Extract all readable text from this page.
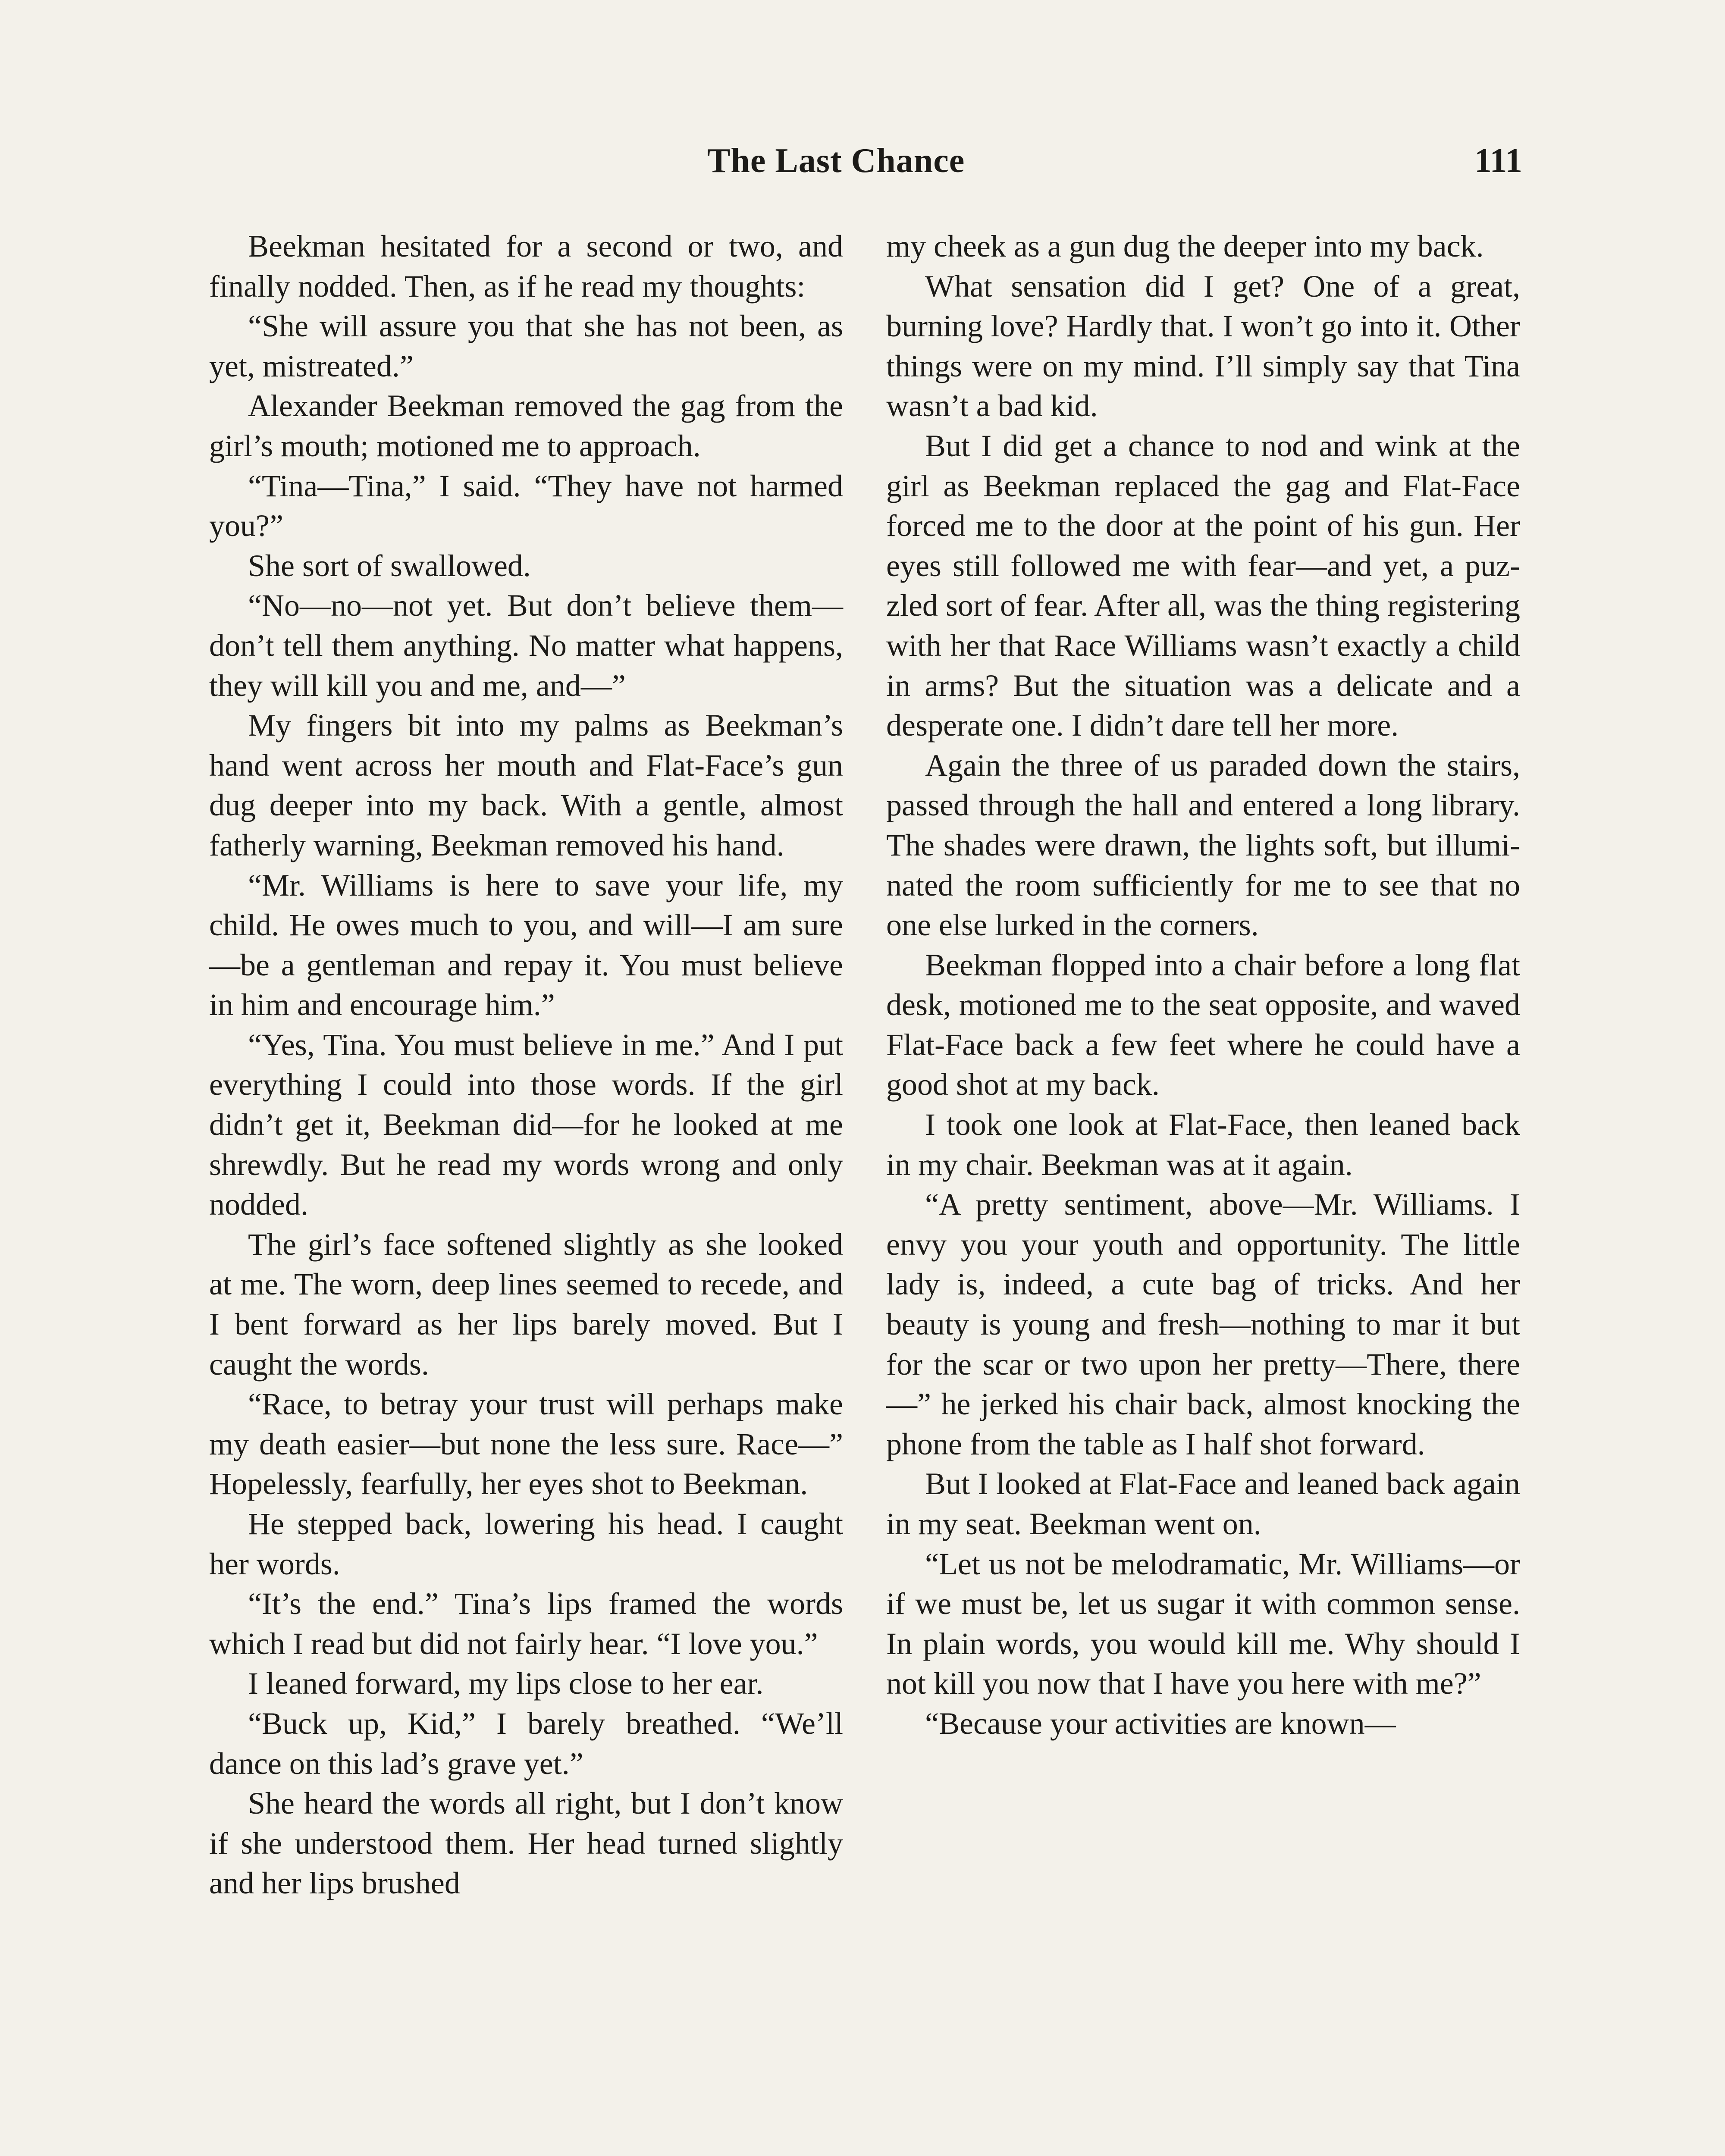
The Last Chance	111

Beekman hesitated for a second or two, and finally nodded. Then, as if he read my thoughts:

“She will assure you that she has not been, as yet, mistreated.”

Alexander Beekman removed the gag from the girl’s mouth; motioned me to approach.

“Tina—Tina,” I said. “They have not harmed you?”

She sort of swallowed.

“No—no—not yet. But don’t believe them—don’t tell them anything. No matter what happens, they will kill you and me, and—”

My fingers bit into my palms as Beekman’s hand went across her mouth and Flat-Face’s gun dug deeper into my back. With a gentle, almost fatherly warning, Beekman removed his hand.

“Mr. Williams is here to save your life, my child. He owes much to you, and will—I am sure—be a gentleman and repay it. You must believe in him and encourage him.”

“Yes, Tina. You must believe in me.” And I put everything I could into those words. If the girl didn’t get it, Beekman did—for he looked at me shrewdly. But he read my words wrong and only nodded.

The girl’s face softened slightly as she looked at me. The worn, deep lines seemed to recede, and I bent forward as her lips barely moved. But I caught the words.

“Race, to betray your trust will perhaps make my death easier—but none the less sure. Race—” Hopelessly, fearfully, her eyes shot to Beekman.

He stepped back, lowering his head. I caught her words.

“It’s the end.” Tina’s lips framed the words which I read but did not fairly hear. “I love you.”

I leaned forward, my lips close to her ear.

“Buck up, Kid,” I barely breathed. “We’ll dance on this lad’s grave yet.”

She heard the words all right, but I don’t know if she understood them. Her head turned slightly and her lips brushed

my cheek as a gun dug the deeper into my back.

What sensation did I get? One of a great, burning love? Hardly that. I won’t go into it. Other things were on my mind. I’ll simply say that Tina wasn’t a bad kid.

But I did get a chance to nod and wink at the girl as Beekman replaced the gag and Flat-Face forced me to the door at the point of his gun. Her eyes still followed me with fear—and yet, a puzzled sort of fear. After all, was the thing registering with her that Race Williams wasn’t exactly a child in arms? But the situation was a delicate and a desperate one. I didn’t dare tell her more.

Again the three of us paraded down the stairs, passed through the hall and entered a long library. The shades were drawn, the lights soft, but illuminated the room sufficiently for me to see that no one else lurked in the corners.

Beekman flopped into a chair before a long flat desk, motioned me to the seat opposite, and waved Flat-Face back a few feet where he could have a good shot at my back.

I took one look at Flat-Face, then leaned back in my chair. Beekman was at it again.

“A pretty sentiment, above—Mr. Williams. I envy you your youth and opportunity. The little lady is, indeed, a cute bag of tricks. And her beauty is young and fresh—nothing to mar it but for the scar or two upon her pretty—There, there—” he jerked his chair back, almost knocking the phone from the table as I half shot forward.

But I looked at Flat-Face and leaned back again in my seat. Beekman went on.

“Let us not be melodramatic, Mr. Williams—or if we must be, let us sugar it with common sense. In plain words, you would kill me. Why should I not kill you now that I have you here with me?”

“Because your activities are known—
